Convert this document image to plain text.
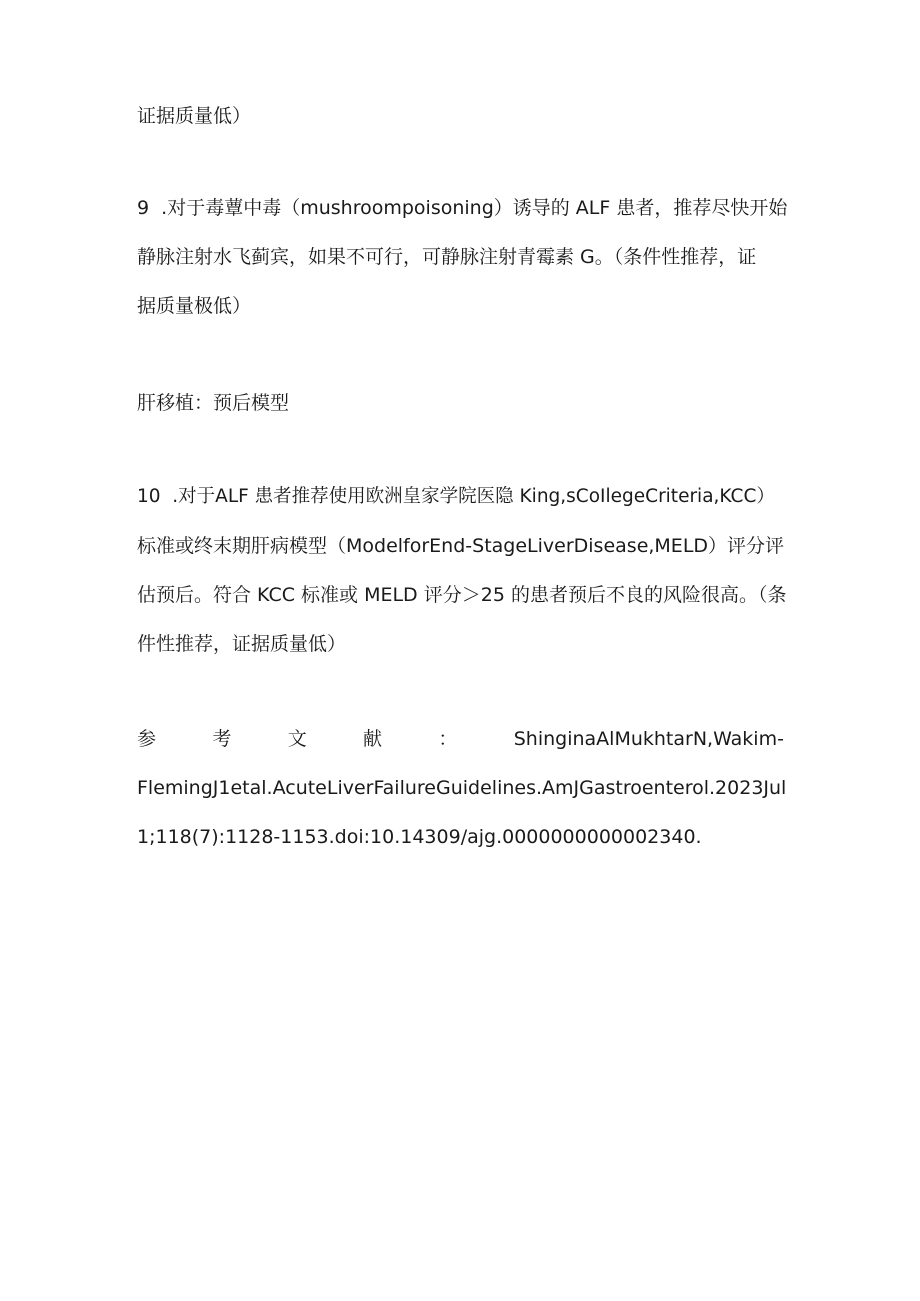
证据质量低）
9  .对于毒蕈中毒（mushroompoisoning）诱导的 ALF 患者，推荐尽快开始
静脉注射水飞蓟宾，如果不可行，可静脉注射青霉素 G。（条件性推荐，证
据质量极低）
肝移植：预后模型
10  .对于ALF 患者推荐使用欧洲皇家学院医隐 King,sCoIlegeCriteria,KCC）
标准或终末期肝病模型（ModelforEnd-StageLiverDisease,MELD）评分评
估预后。符合 KCC 标准或 MELD 评分＞25 的患者预后不良的风险很高。（条
件性推荐，证据质量低）
参	考	文	献	：	ShinginaAlMukhtarN,Wakim-
FlemingJ1etal.AcuteLiverFailureGuidelines.AmJGastroenterol.2023Jul
1;118(7):1128-1153.doi:10.14309/ajg.0000000000002340.
